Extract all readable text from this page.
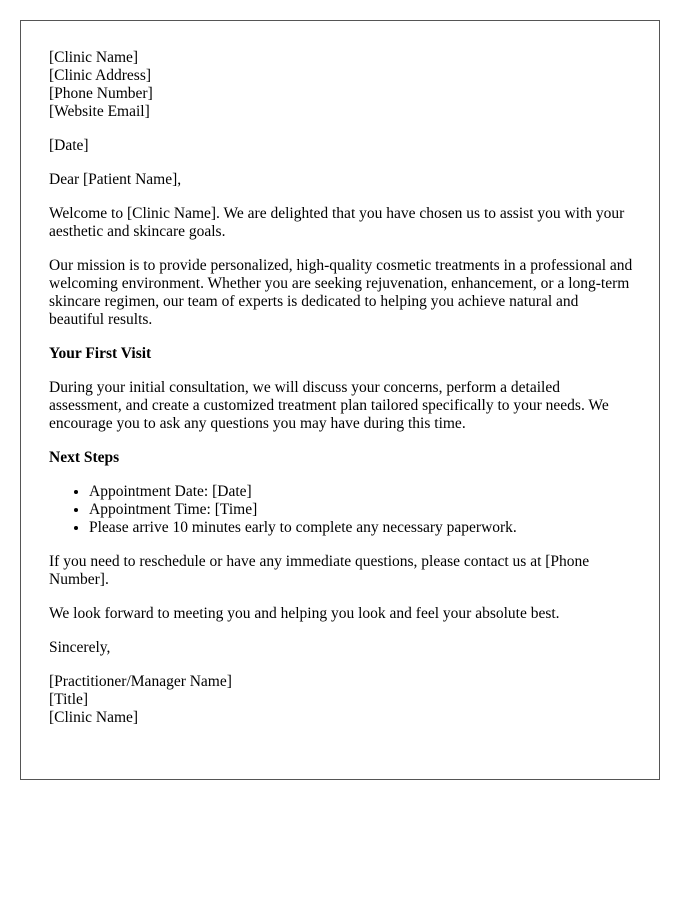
[Clinic Name]
[Clinic Address]
[Phone Number]
[Website Email]

[Date]

Dear [Patient Name],

Welcome to [Clinic Name]. We are delighted that you have chosen us to assist you with your aesthetic and skincare goals.

Our mission is to provide personalized, high-quality cosmetic treatments in a professional and welcoming environment. Whether you are seeking rejuvenation, enhancement, or a long-term skincare regimen, our team of experts is dedicated to helping you achieve natural and beautiful results.

Your First Visit

During your initial consultation, we will discuss your concerns, perform a detailed assessment, and create a customized treatment plan tailored specifically to your needs. We encourage you to ask any questions you may have during this time.

Next Steps

• Appointment Date: [Date]
• Appointment Time: [Time]
• Please arrive 10 minutes early to complete any necessary paperwork.

If you need to reschedule or have any immediate questions, please contact us at [Phone Number].

We look forward to meeting you and helping you look and feel your absolute best.

Sincerely,

[Practitioner/Manager Name]
[Title]
[Clinic Name]
